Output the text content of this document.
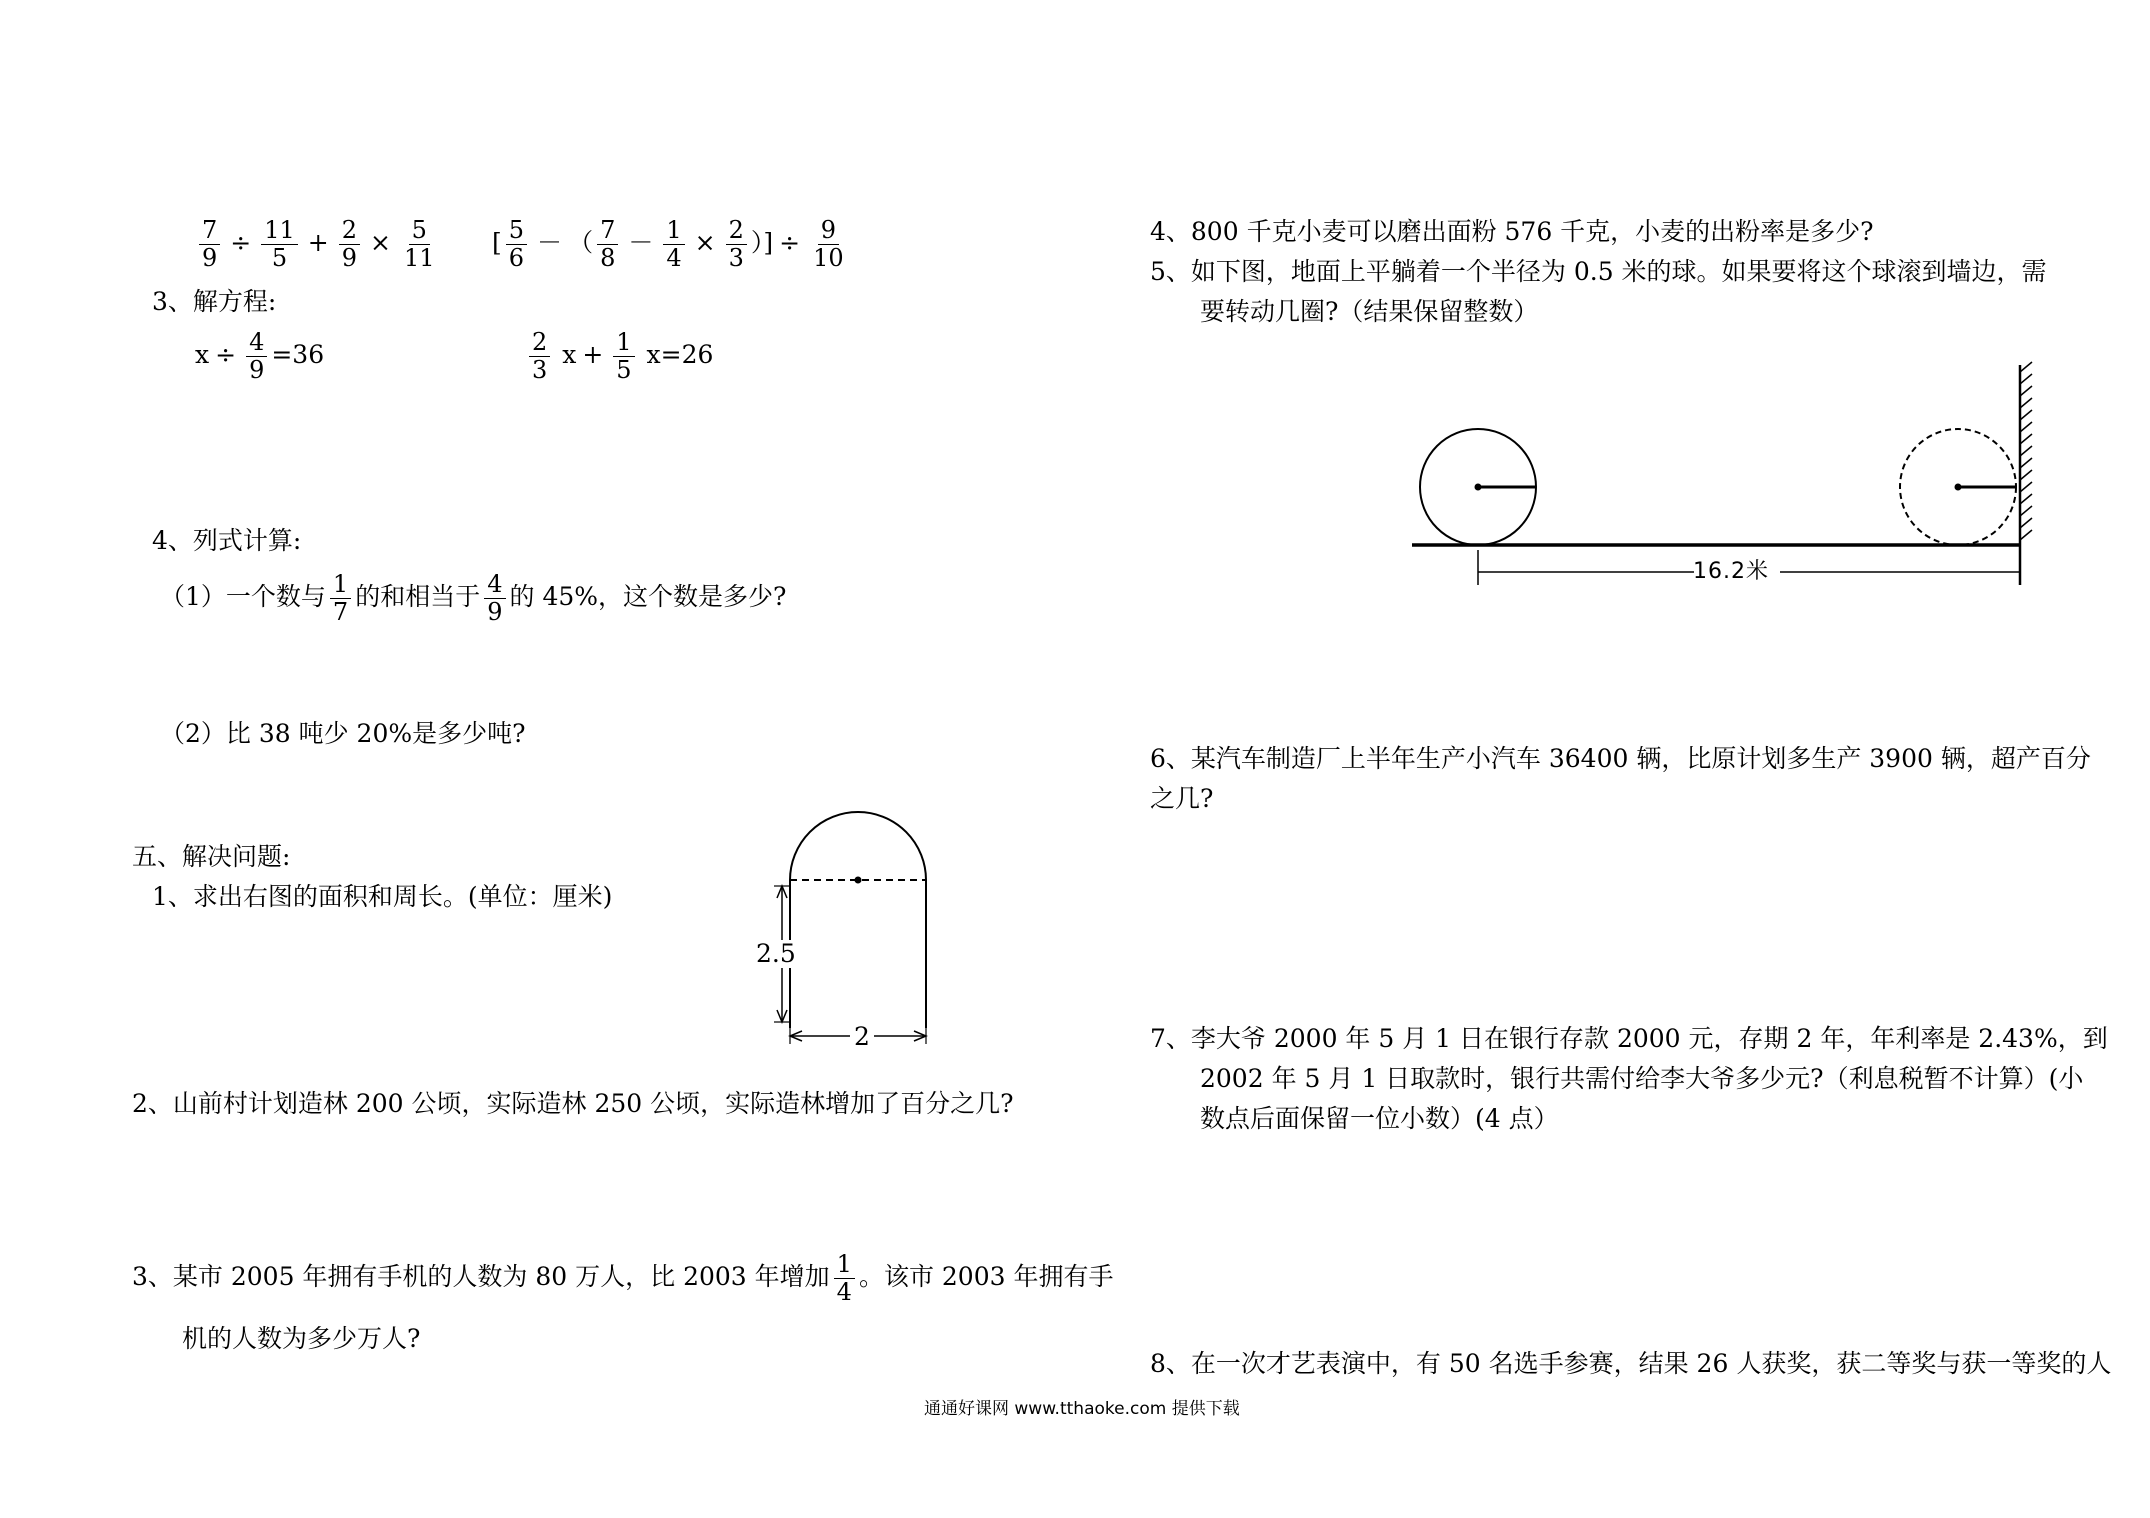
$\frac{7}{9} \div \frac{11}{5} + \frac{2}{9} \times \frac{5}{11}$ [ $\frac{5}{6}$ － （ $\frac{7}{8} - \frac{1}{4} \times \frac{2}{3}$ ）] ÷ $\frac{9}{10}$
3、解方程:
$x \div \frac{4}{9} =36$	$\frac{2}{3}$ $x + \frac{1}{5} x=26$
4、列式计算:
（1）一个数与 $\frac{1}{7}$ 的和相当于 $\frac{4}{9}$ 的 45%，这个数是多少?
（2）比 38 吨少 20%是多少吨?
五、解决问题:
1、求出右图的面积和周长。(单位：厘米)
2.5
2
2、山前村计划造林 200 公顷，实际造林 250 公顷，实际造林增加了百分之几?
3、某市 2005 年拥有手机的人数为 80 万人，比 2003 年增加 $\frac{1}{4}$ 。该市 2003 年拥有手
机的人数为多少万人?
4、800 千克小麦可以磨出面粉 576 千克，小麦的出粉率是多少?
5、如下图，地面上平躺着一个半径为 0.5 米的球。如果要将这个球滚到墙边，需
要转动几圈?（结果保留整数）
16.2米
6、某汽车制造厂上半年生产小汽车 36400 辆，比原计划多生产 3900 辆，超产百分
之几?
7、李大爷 2000 年 5 月 1 日在银行存款 2000 元，存期 2 年，年利率是 2.43%，到
2002 年 5 月 1 日取款时，银行共需付给李大爷多少元?（利息税暂不计算）(小
数点后面保留一位小数）(4 点）
8、在一次才艺表演中，有 50 名选手参赛，结果 26 人获奖，获二等奖与获一等奖的人
通通好课网 www.tthaoke.com 提供下载
